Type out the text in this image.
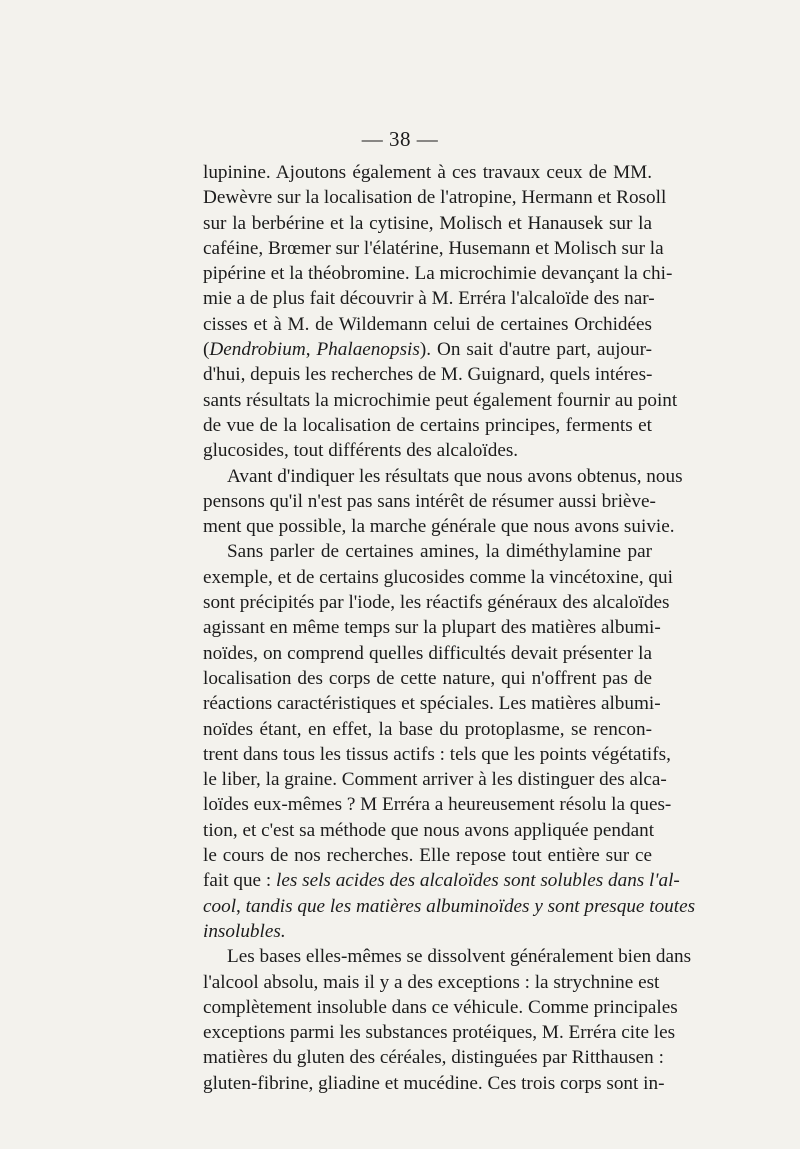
— 38 —

lupinine. Ajoutons également à ces travaux ceux de MM.
Dewèvre sur la localisation de l'atropine, Hermann et Rosoll
sur la berbérine et la cytisine, Molisch et Hanausek sur la
caféine, Brœmer sur l'élatérine, Husemann et Molisch sur la
pipérine et la théobromine. La microchimie devançant la chi-
mie a de plus fait découvrir à M. Erréra l'alcaloïde des nar-
cisses et à M. de Wildemann celui de certaines Orchidées
(Dendrobium, Phalaenopsis). On sait d'autre part, aujour-
d'hui, depuis les recherches de M. Guignard, quels intéres-
sants résultats la microchimie peut également fournir au point
de vue de la localisation de certains principes, ferments et
glucosides, tout différents des alcaloïdes.

Avant d'indiquer les résultats que nous avons obtenus, nous
pensons qu'il n'est pas sans intérêt de résumer aussi briève-
ment que possible, la marche générale que nous avons suivie.

Sans parler de certaines amines, la diméthylamine par
exemple, et de certains glucosides comme la vincétoxine, qui
sont précipités par l'iode, les réactifs généraux des alcaloïdes
agissant en même temps sur la plupart des matières albumi-
noïdes, on comprend quelles difficultés devait présenter la
localisation des corps de cette nature, qui n'offrent pas de
réactions caractéristiques et spéciales. Les matières albumi-
noïdes étant, en effet, la base du protoplasme, se rencon-
trent dans tous les tissus actifs : tels que les points végétatifs,
le liber, la graine. Comment arriver à les distinguer des alca-
loïdes eux-mêmes ? M Erréra a heureusement résolu la ques-
tion, et c'est sa méthode que nous avons appliquée pendant
le cours de nos recherches. Elle repose tout entière sur ce
fait que : les sels acides des alcaloïdes sont solubles dans l'al-
cool, tandis que les matières albuminoïdes y sont presque toutes
insolubles.

Les bases elles-mêmes se dissolvent généralement bien dans
l'alcool absolu, mais il y a des exceptions : la strychnine est
complètement insoluble dans ce véhicule. Comme principales
exceptions parmi les substances protéiques, M. Erréra cite les
matières du gluten des céréales, distinguées par Ritthausen :
gluten-fibrine, gliadine et mucédine. Ces trois corps sont in-
